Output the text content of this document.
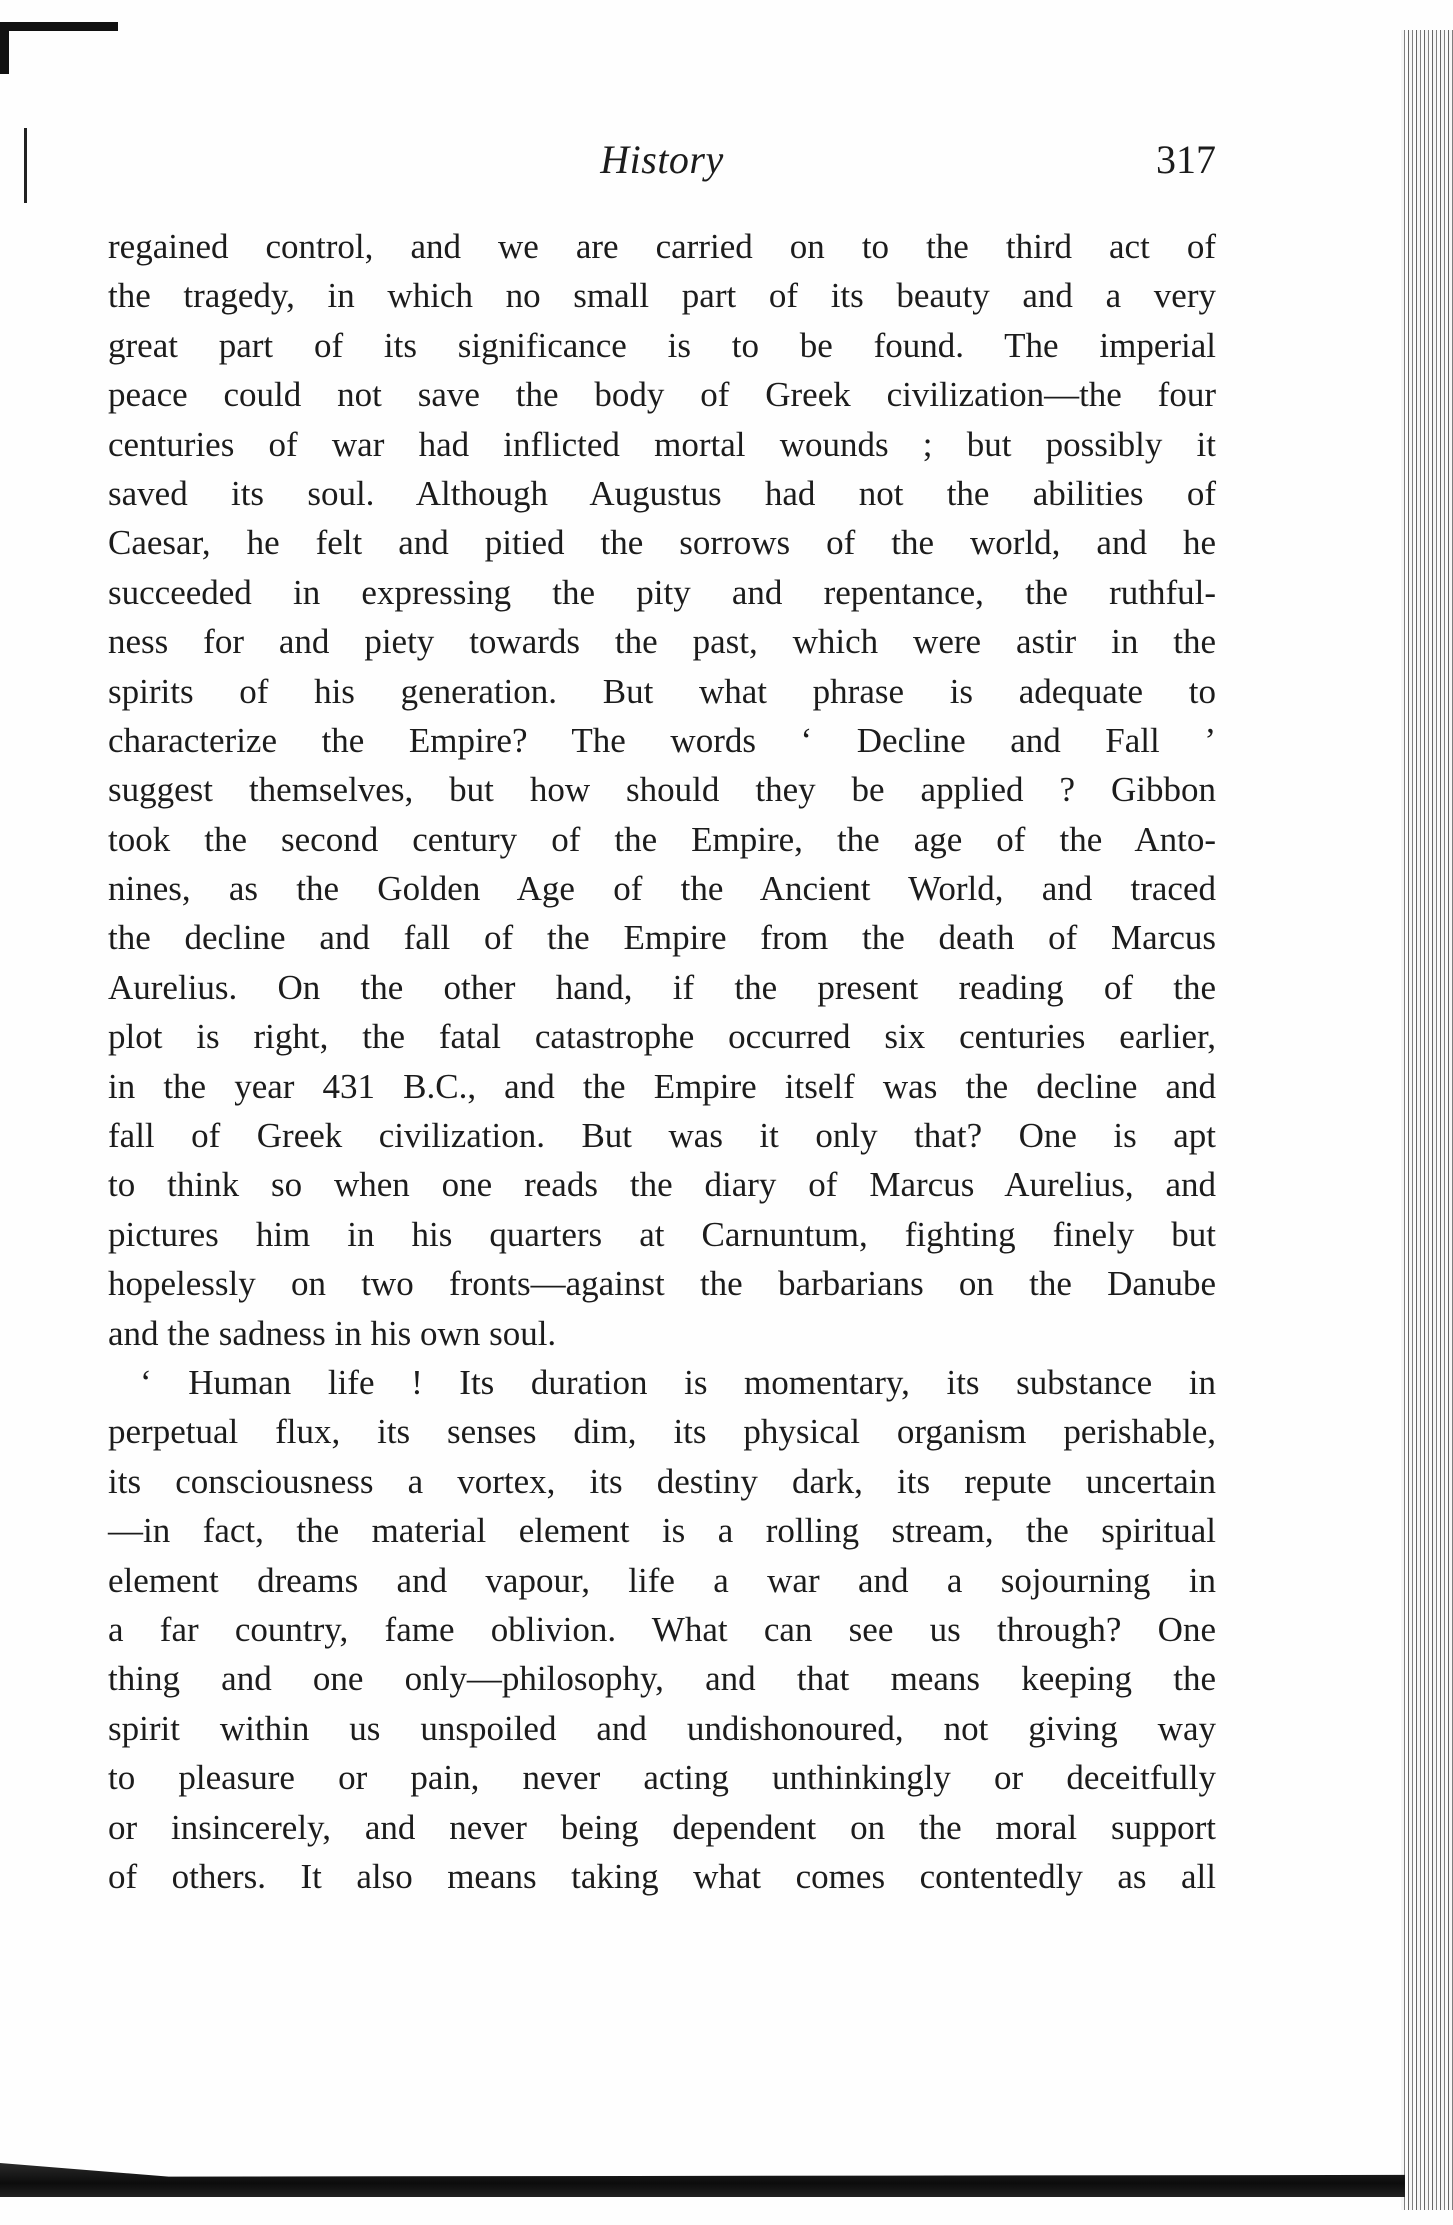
History	317
regained control, and we are carried on to the third act of
the tragedy, in which no small part of its beauty and a very
great part of its significance is to be found. The imperial
peace could not save the body of Greek civilization—the four
centuries of war had inflicted mortal wounds ; but possibly it
saved its soul. Although Augustus had not the abilities of
Caesar, he felt and pitied the sorrows of the world, and he
succeeded in expressing the pity and repentance, the ruthful-
ness for and piety towards the past, which were astir in the
spirits of his generation. But what phrase is adequate to
characterize the Empire? The words ‘ Decline and Fall ’
suggest themselves, but how should they be applied ? Gibbon
took the second century of the Empire, the age of the Anto-
nines, as the Golden Age of the Ancient World, and traced
the decline and fall of the Empire from the death of Marcus
Aurelius. On the other hand, if the present reading of the
plot is right, the fatal catastrophe occurred six centuries earlier,
in the year 431 B.C., and the Empire itself was the decline and
fall of Greek civilization. But was it only that? One is apt
to think so when one reads the diary of Marcus Aurelius, and
pictures him in his quarters at Carnuntum, fighting finely but
hopelessly on two fronts—against the barbarians on the Danube
and the sadness in his own soul.
‘ Human life ! Its duration is momentary, its substance in
perpetual flux, its senses dim, its physical organism perishable,
its consciousness a vortex, its destiny dark, its repute uncertain
—in fact, the material element is a rolling stream, the spiritual
element dreams and vapour, life a war and a sojourning in
a far country, fame oblivion. What can see us through? One
thing and one only—philosophy, and that means keeping the
spirit within us unspoiled and undishonoured, not giving way
to pleasure or pain, never acting unthinkingly or deceitfully
or insincerely, and never being dependent on the moral support
of others. It also means taking what comes contentedly as all
